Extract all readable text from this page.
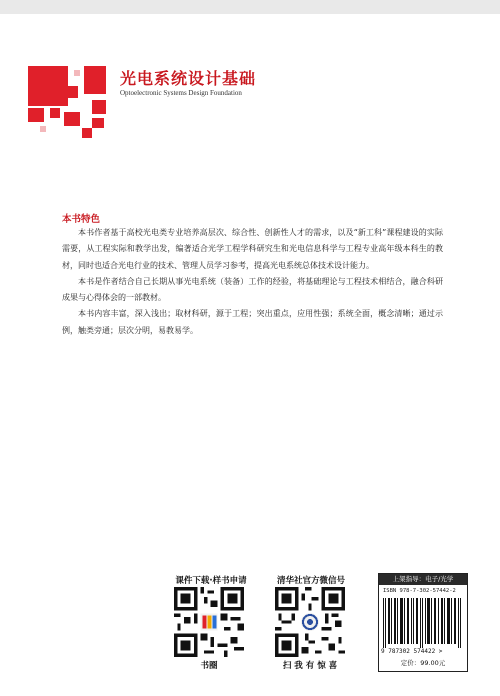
光电系统设计基础
Optoelectronic Systems Design Foundation
本书特色

本书作者基于高校光电类专业培养高层次、综合性、创新性人才的需求，以及“新工科”课程建设的实际需要，从工程实际和教学出发，编著适合光学工程学科研究生和光电信息科学与工程专业高年级本科生的教材，同时也适合光电行业的技术、管理人员学习参考，提高光电系统总体技术设计能力。

本书是作者结合自己长期从事光电系统（装备）工作的经验，将基础理论与工程技术相结合，融合科研成果与心得体会的一部教材。

本书内容丰富，深入浅出；取材科研，源于工程；突出重点，应用性强；系统全面，概念清晰；通过示例，触类旁通；层次分明，易教易学。

课件下载·样书申请
书圈
清华社官方微信号
扫 我 有 惊 喜
上架指导：电子/光学
ISBN 978-7-302-57442-2
9 787302 574422 >
定价：99.00元
